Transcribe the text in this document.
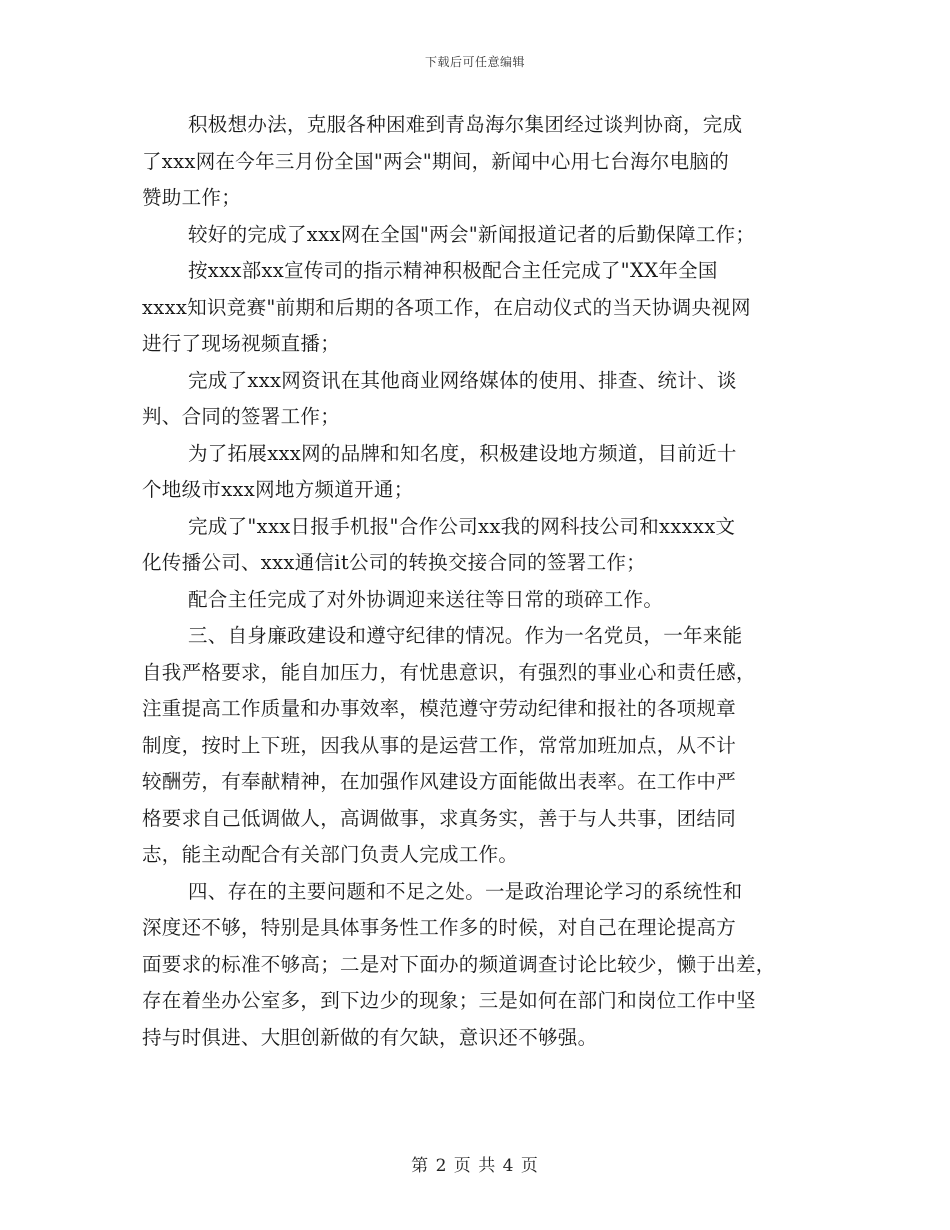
下载后可任意编辑
积极想办法，克服各种困难到青岛海尔集团经过谈判协商，完成
了xxx网在今年三月份全国"两会"期间，新闻中心用七台海尔电脑的
赞助工作；
较好的完成了xxx网在全国"两会"新闻报道记者的后勤保障工作；
按xxx部xx宣传司的指示精神积极配合主任完成了"XX年全国
xxxx知识竞赛"前期和后期的各项工作，在启动仪式的当天协调央视网
进行了现场视频直播；
完成了xxx网资讯在其他商业网络媒体的使用、排查、统计、谈
判、合同的签署工作；
为了拓展xxx网的品牌和知名度，积极建设地方频道，目前近十
个地级市xxx网地方频道开通；
完成了"xxx日报手机报"合作公司xx我的网科技公司和xxxxx文
化传播公司、xxx通信it公司的转换交接合同的签署工作；
配合主任完成了对外协调迎来送往等日常的琐碎工作。
三、自身廉政建设和遵守纪律的情况。作为一名党员，一年来能
自我严格要求，能自加压力，有忧患意识，有强烈的事业心和责任感，
注重提高工作质量和办事效率，模范遵守劳动纪律和报社的各项规章
制度，按时上下班，因我从事的是运营工作，常常加班加点，从不计
较酬劳，有奉献精神，在加强作风建设方面能做出表率。在工作中严
格要求自己低调做人，高调做事，求真务实，善于与人共事，团结同
志，能主动配合有关部门负责人完成工作。
四、存在的主要问题和不足之处。一是政治理论学习的系统性和
深度还不够，特别是具体事务性工作多的时候，对自己在理论提高方
面要求的标准不够高；二是对下面办的频道调查讨论比较少，懒于出差，
存在着坐办公室多，到下边少的现象；三是如何在部门和岗位工作中坚
持与时俱进、大胆创新做的有欠缺，意识还不够强。
第 2 页 共 4 页
